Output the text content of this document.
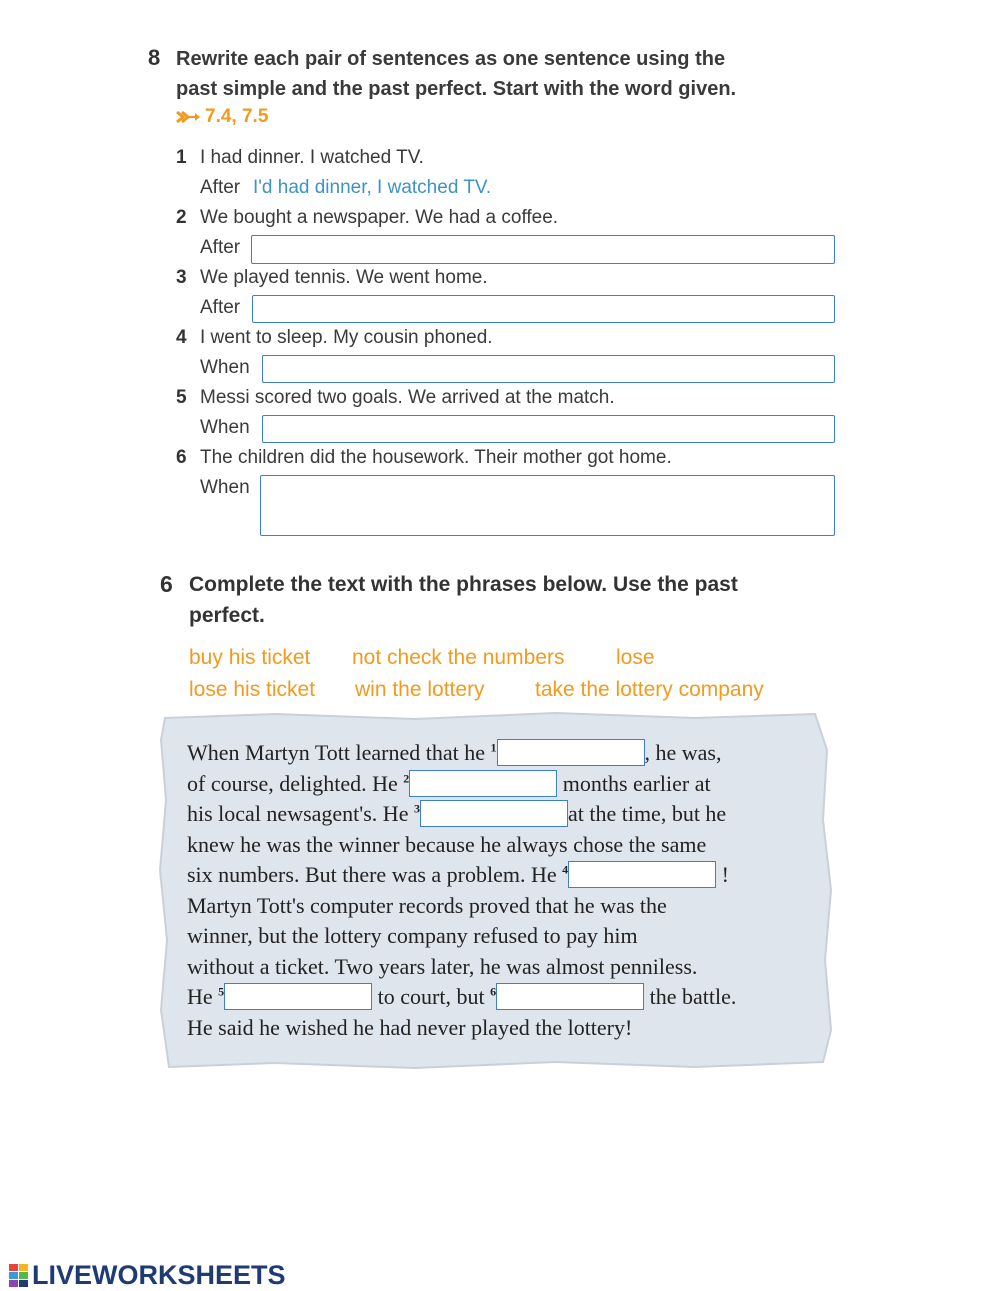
8 Rewrite each pair of sentences as one sentence using the
past simple and the past perfect. Start with the word given.
7.4, 7.5
1 I had dinner. I watched TV.
After I'd had dinner, I watched TV.
2 We bought a newspaper. We had a coffee.
After
3 We played tennis. We went home.
After
4 I went to sleep. My cousin phoned.
When
5 Messi scored two goals. We arrived at the match.
When
6 The children did the housework. Their mother got home.
When
6 Complete the text with the phrases below. Use the past
perfect.
buy his ticket not check the numbers lose
lose his ticket win the lottery take the lottery company
When Martyn Tott learned that he $^1$	, he was,
of course, delighted. He $^2$	months earlier at
his local newsagent's. He $^3$	at the time, but he
knew he was the winner because he always chose the same
six numbers. But there was a problem. He $^4$	!
Martyn Tott's computer records proved that he was the
winner, but the lottery company refused to pay him
without a ticket. Two years later, he was almost penniless.
He $^5$	to court, but $^6$	the battle.
He said he wished he had never played the lottery!
LIVEWORKSHEETS
